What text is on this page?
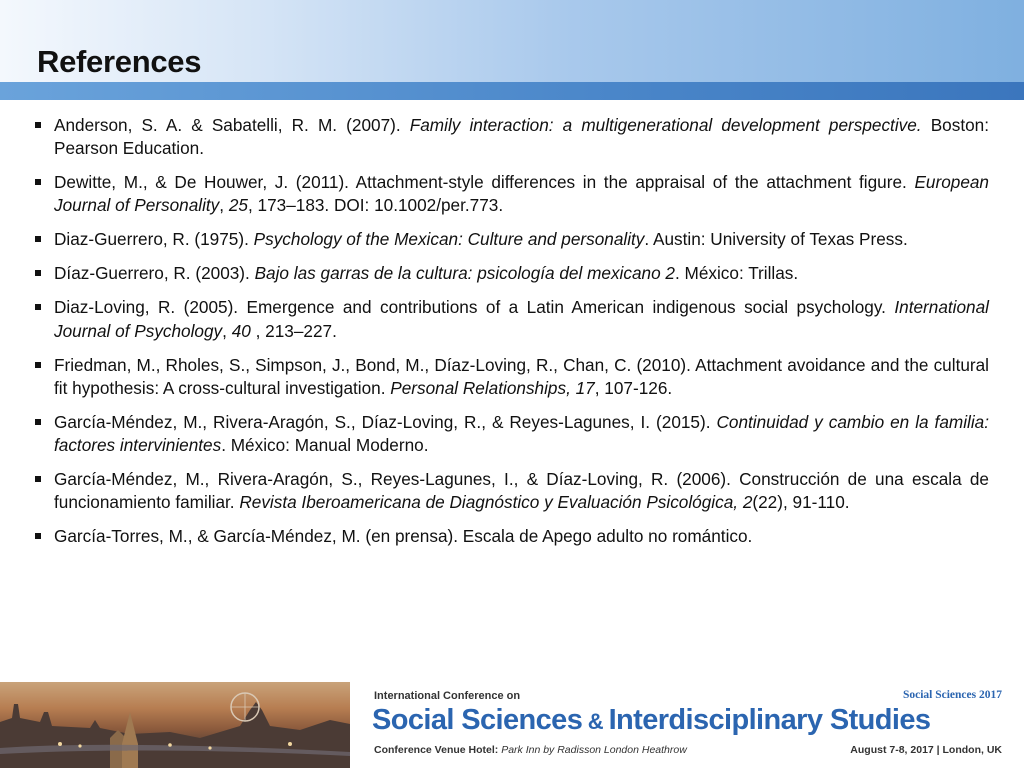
References
Anderson, S. A. & Sabatelli, R. M. (2007). Family interaction: a multigenerational development perspective. Boston: Pearson Education.
Dewitte, M., & De Houwer, J. (2011). Attachment-style differences in the appraisal of the attachment figure. European Journal of Personality, 25, 173–183. DOI: 10.1002/per.773.
Diaz-Guerrero, R. (1975). Psychology of the Mexican: Culture and personality. Austin: University of Texas Press.
Díaz-Guerrero, R. (2003). Bajo las garras de la cultura: psicología del mexicano 2. México: Trillas.
Diaz-Loving, R. (2005). Emergence and contributions of a Latin American indigenous social psychology. International Journal of Psychology, 40 , 213–227.
Friedman, M., Rholes, S., Simpson, J., Bond, M., Díaz-Loving, R., Chan, C. (2010). Attachment avoidance and the cultural fit hypothesis: A cross-cultural investigation. Personal Relationships, 17, 107-126.
García-Méndez, M., Rivera-Aragón, S., Díaz-Loving, R., & Reyes-Lagunes, I. (2015). Continuidad y cambio en la familia: factores intervinientes. México: Manual Moderno.
García-Méndez, M., Rivera-Aragón, S., Reyes-Lagunes, I., & Díaz-Loving, R. (2006). Construcción de una escala de funcionamiento familiar. Revista Iberoamericana de Diagnóstico y Evaluación Psicológica, 2(22), 91-110.
García-Torres, M., & García-Méndez, M. (en prensa). Escala de Apego adulto no romántico.
International Conference on
Social Sciences & Interdisciplinary Studies
Conference Venue Hotel: Park Inn by Radisson London Heathrow
Social Sciences 2017
August 7-8, 2017 | London, UK
